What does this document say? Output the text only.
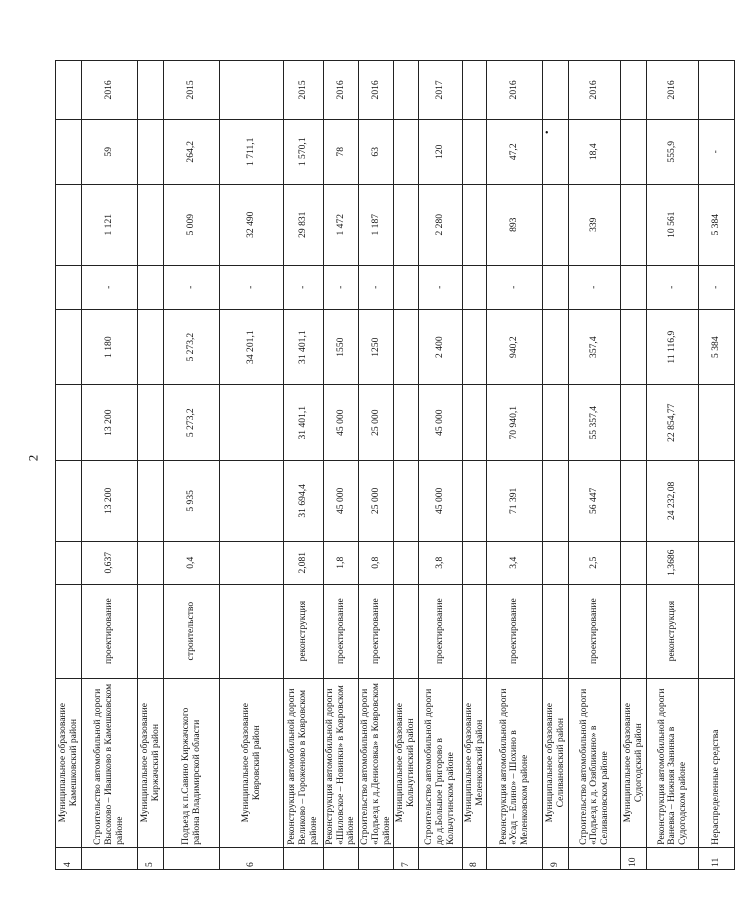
2
•
4	Муниципальное образование Камешковский район									
	Строительство автомобильной дороги Высоково – Ивашково в Камешковском районе	проектирование	0,637	13 200	13 200	1 180	-	1 121	59	2016
5	Муниципальное образование Киржачский район									
	Подъезд к п.Савино Киржачского района Владимирской области	строительство	0,4	5 935	5 273,2	5 273,2	-	5 009	264,2	2015
6	Муниципальное образование Ковровский район					34 201,1	-	32 490	1 711,1	
	Реконструкция автомобильной дороги Великово – Гороженово в Ковровском районе	реконструкция	2,081	31 694,4	31 401,1	31 401,1	-	29 831	1 570,1	2015
	Реконструкция автомобильной дороги «Шиловское – Новинки» в Ковровском районе	проектирование	1,8	45 000	45 000	1550	-	1 472	78	2016
	Строительство автомобильной дороги «Подъезд к д.Денисовка» в Ковровском районе	проектирование	0,8	25 000	25 000	1250	-	1 187	63	2016
7	Муниципальное образование Кольчугинский район									
	Строительство автомобильной дороги до д.Большое Григорово в Кольчугинском районе	проектирование	3,8	45 000	45 000	2 400	-	2 280	120	2017
8	Муниципальное образование Меленковский район									
	Реконструкция автомобильной дороги «Усад – Елино» – Шохино в Меленковском районе	проектирование	3,4	71 391	70 940,1	940,2	-	893	47,2	2016
9	Муниципальное образование Селивановский район									
	Строительство автомобильной дороги «Подъезд к д. Озябликино» в Селивановском районе	проектирование	2,5	56 447	55 357,4	357,4	-	339	18,4	2016
10	Муниципальное образование Судогодский район									
	Реконструкция автомобильной дороги Ваневка – Нижняя Занинка в Судогодском районе	реконструкция	1,3686	24 232,08	22 854,77	11 116,9	-	10 561	555,9	2016
11	Нераспределенные средства					5 384	-	5 384	-	
